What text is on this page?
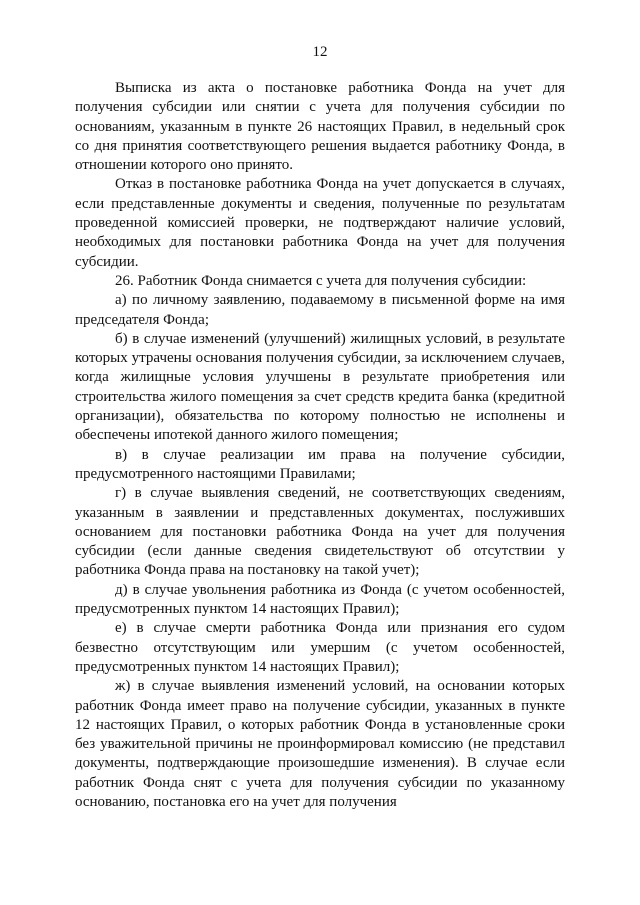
12

Выписка из акта о постановке работника Фонда на учет для получения субсидии или снятии с учета для получения субсидии по основаниям, указанным в пункте 26 настоящих Правил, в недельный срок со дня принятия соответствующего решения выдается работнику Фонда, в отношении которого оно принято.

Отказ в постановке работника Фонда на учет допускается в случаях, если представленные документы и сведения, полученные по результатам проведенной комиссией проверки, не подтверждают наличие условий, необходимых для постановки работника Фонда на учет для получения субсидии.

26. Работник Фонда снимается с учета для получения субсидии:

а) по личному заявлению, подаваемому в письменной форме на имя председателя Фонда;

б) в случае изменений (улучшений) жилищных условий, в результате которых утрачены основания получения субсидии, за исключением случаев, когда жилищные условия улучшены в результате приобретения или строительства жилого помещения за счет средств кредита банка (кредитной организации), обязательства по которому полностью не исполнены и обеспечены ипотекой данного жилого помещения;

в) в случае реализации им права на получение субсидии, предусмотренного настоящими Правилами;

г) в случае выявления сведений, не соответствующих сведениям, указанным в заявлении и представленных документах, послуживших основанием для постановки работника Фонда на учет для получения субсидии (если данные сведения свидетельствуют об отсутствии у работника Фонда права на постановку на такой учет);

д) в случае увольнения работника из Фонда (с учетом особенностей, предусмотренных пунктом 14 настоящих Правил);

е) в случае смерти работника Фонда или признания его судом безвестно отсутствующим или умершим (с учетом особенностей, предусмотренных пунктом 14 настоящих Правил);

ж) в случае выявления изменений условий, на основании которых работник Фонда имеет право на получение субсидии, указанных в пункте 12 настоящих Правил, о которых работник Фонда в установленные сроки без уважительной причины не проинформировал комиссию (не представил документы, подтверждающие произошедшие изменения). В случае если работник Фонда снят с учета для получения субсидии по указанному основанию, постановка его на учет для получения
